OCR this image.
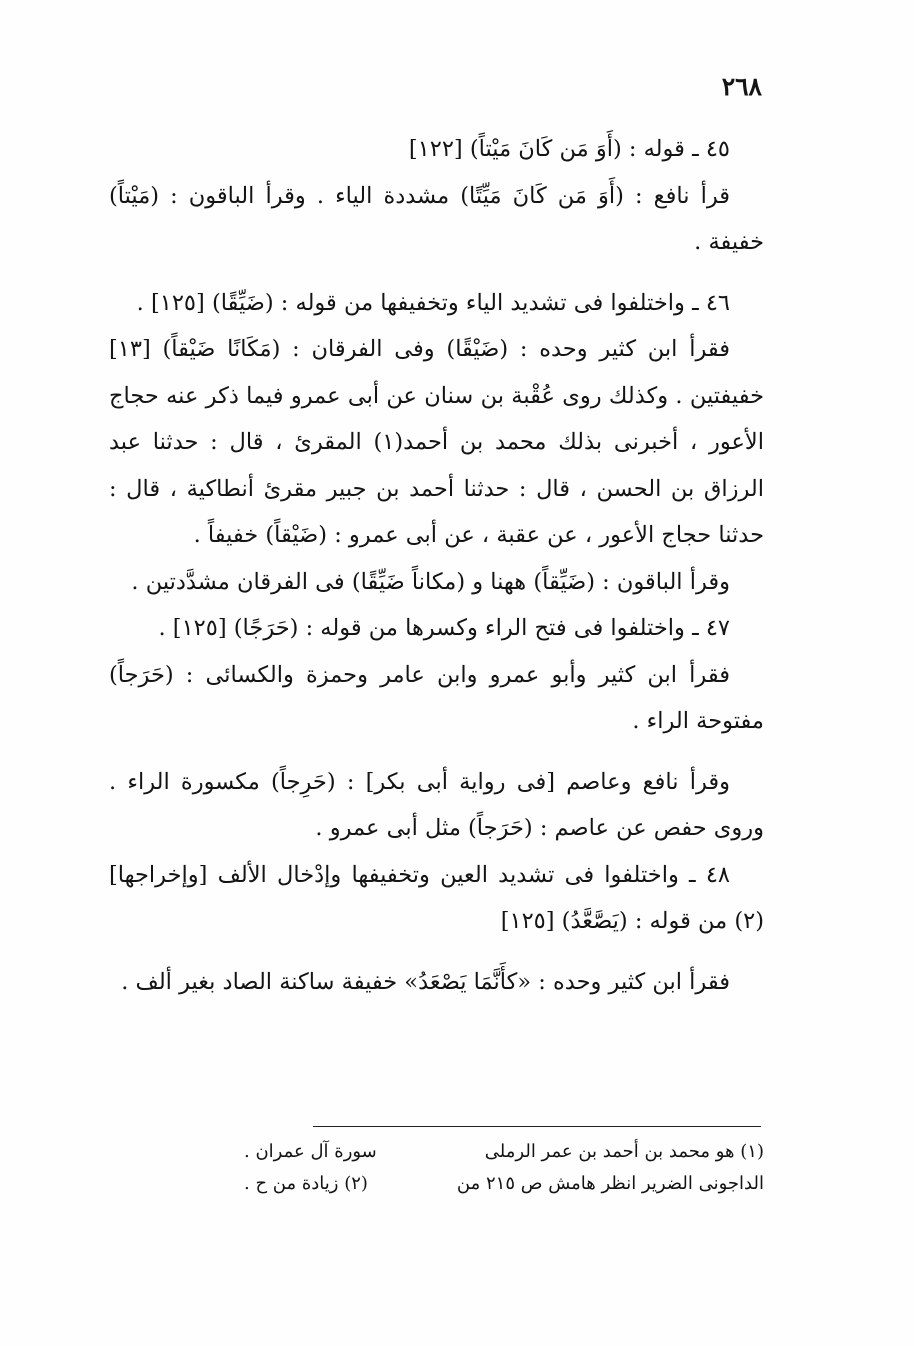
٢٦٨

٤٥ ـ قوله : (أَوَ مَن كَانَ مَيْتاً) [١٢٢]

قرأ نافع : (أَوَ مَن كَانَ مَيِّتًا) مشددة الياء . وقرأ الباقون : (مَيْتاً) خفيفة .

٤٦ ـ واختلفوا فى تشديد الياء وتخفيفها من قوله : (ضَيِّقًا) [١٢٥] .

فقرأ ابن كثير وحده : (ضَيْقًا) وفى الفرقان : (مَكَانًا ضَيْقاً) [١٣] خفيفتين . وكذلك روى عُقْبة بن سنان عن أبى عمرو فيما ذكر عنه حجاج الأعور ، أخبرنى بذلك محمد بن أحمد(١) المقرئ ، قال : حدثنا عبد الرزاق بن الحسن ، قال : حدثنا أحمد بن جبير مقرئ أنطاكية ، قال : حدثنا حجاج الأعور ، عن عقبة ، عن أبى عمرو : (ضَيْقاً) خفيفاً .

وقرأ الباقون : (ضَيِّقاً) ههنا و (مكاناً ضَيِّقًا) فى الفرقان مشدَّدتين .

٤٧ ـ واختلفوا فى فتح الراء وكسرها من قوله : (حَرَجًا) [١٢٥] .

فقرأ ابن كثير وأبو عمرو وابن عامر وحمزة والكسائى : (حَرَجاً) مفتوحة الراء .

وقرأ نافع وعاصم [فى رواية أبى بكر] : (حَرِجاً) مكسورة الراء . وروى حفص عن عاصم : (حَرَجاً) مثل أبى عمرو .

٤٨ ـ واختلفوا فى تشديد العين وتخفيفها وإدْخال الألف [وإخراجها](٢) من قوله : (يَصَّعَّدُ) [١٢٥]

فقرأ ابن كثير وحده : «كأَنَّمَا يَصْعَدُ» خفيفة ساكنة الصاد بغير ألف .

(١) هو محمد بن أحمد بن عمر الرملى
سورة آل عمران .
الداجونى الضرير انظر هامش ص ٢١٥ من
(٢) زيادة من ح .
